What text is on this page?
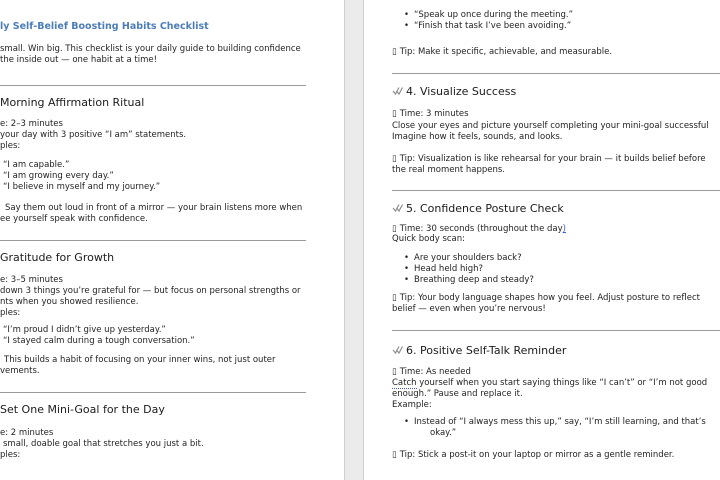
ly Self-Belief Boosting Habits Checklist
small. Win big. This checklist is your daily guide to building confidence
the inside out — one habit at a time!
Morning Affirmation Ritual
e: 2–3 minutes
your day with 3 positive “I am” statements.
ples:
“I am capable.”
“I am growing every day.”
“I believe in myself and my journey.”
Say them out loud in front of a mirror — your brain listens more when
ee yourself speak with confidence.
Gratitude for Growth
e: 3–5 minutes
down 3 things you’re grateful for — but focus on personal strengths or
nts when you showed resilience.
ples:
“I’m proud I didn’t give up yesterday.”
“I stayed calm during a tough conversation.”
This builds a habit of focusing on your inner wins, not just outer
vements.
Set One Mini-Goal for the Day
e: 2 minutes
small, doable goal that stretches you just a bit.
ples:
• “Speak up once during the meeting.”
• “Finish that task I’ve been avoiding.”
▯ Tip: Make it specific, achievable, and measurable.
4. Visualize Success
▯ Time: 3 minutes
Close your eyes and picture yourself completing your mini-goal successful
Imagine how it feels, sounds, and looks.
▯ Tip: Visualization is like rehearsal for your brain — it builds belief before
the real moment happens.
5. Confidence Posture Check
▯ Time: 30 seconds (throughout the day)
Quick body scan:
• Are your shoulders back?
• Head held high?
• Breathing deep and steady?
▯ Tip: Your body language shapes how you feel. Adjust posture to reflect
belief — even when you’re nervous!
6. Positive Self-Talk Reminder
▯ Time: As needed
Catch yourself when you start saying things like “I can’t” or “I’m not good
enough.” Pause and replace it.
Example:
• Instead of “I always mess this up,” say, “I’m still learning, and that’s
okay.”
▯ Tip: Stick a post-it on your laptop or mirror as a gentle reminder.
